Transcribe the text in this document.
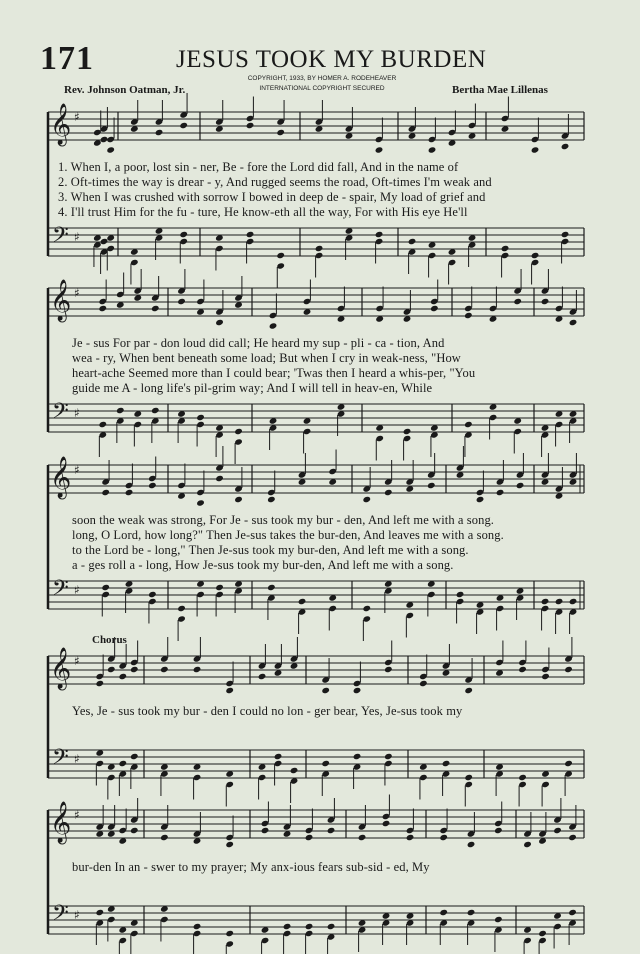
171	JESUS TOOK MY BURDEN
Rev. Johnson Oatman, Jr.
COPYRIGHT, 1933, BY HOMER A. RODEHEAVER
INTERNATIONAL COPYRIGHT SECURED	Bertha Mae Lillenas
𝄞
𝄢
♯
♯
𝄞
𝄢
♯
♯
𝄞
𝄢
♯
♯
𝄞
𝄢
♯
♯
𝄞
𝄢
♯
♯
Chorus
1. When I, a poor, lost sin - ner, Be - fore the Lord did fall, And in the name of
2. Oft-times the way is drear - y, And rugged seems the road, Oft-times I'm weak and
3. When I was crushed with sorrow I bowed in deep de - spair, My load of grief and
4. I'll trust Him for the fu - ture, He know-eth all the way, For with His eye He'll
Je - sus For par - don loud did call; He heard my sup - pli - ca - tion, And
wea - ry, When bent beneath some load; But when I cry in weak-ness, "How
heart-ache Seemed more than I could bear; 'Twas then I heard a whis-per, "You
guide me A - long life's pil-grim way; And I will tell in heav-en, While
soon the weak was strong, For Je - sus took my bur - den, And left me with a song.
long, O Lord, how long?" Then Je-sus takes the bur-den, And leaves me with a song.
to the Lord be - long," Then Je-sus took my bur-den, And left me with a song.
a - ges roll a - long, How Je-sus took my bur-den, And left me with a song.
Yes, Je - sus took my bur - den I could no lon - ger bear, Yes, Je-sus took my
bur-den In an - swer to my prayer; My anx-ious fears sub-sid - ed, My
